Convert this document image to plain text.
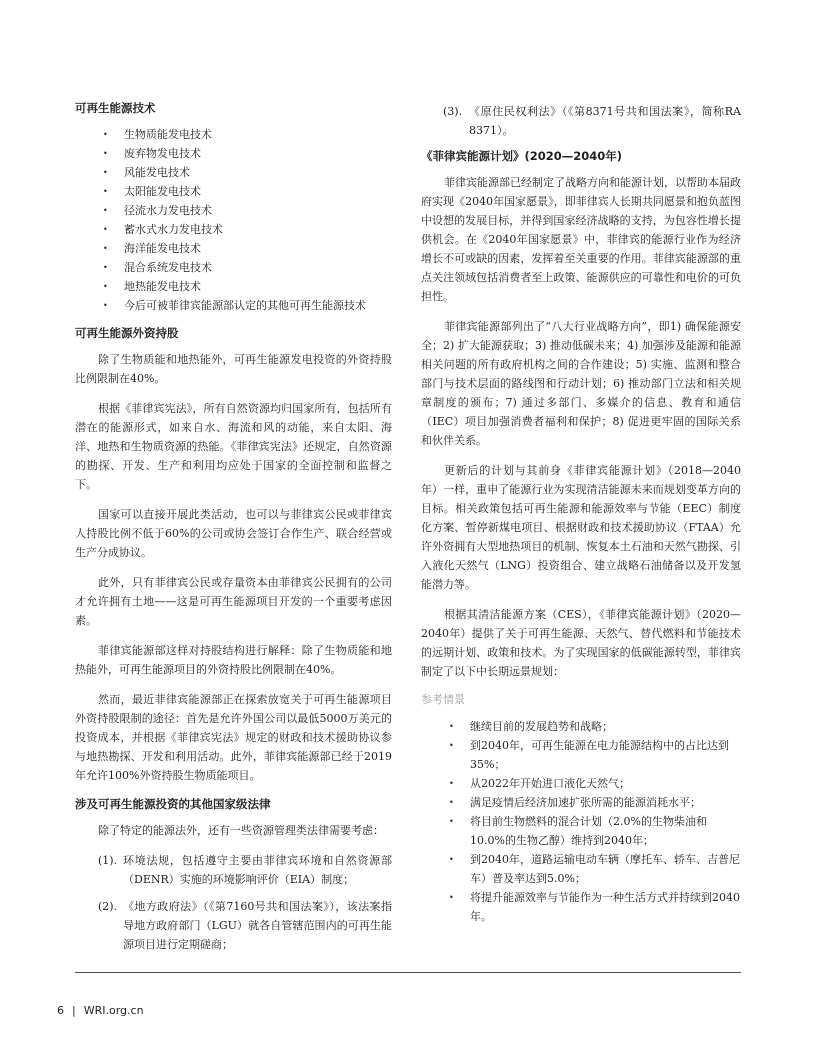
可再生能源技术
• 生物质能发电技术
• 废弃物发电技术
• 风能发电技术
• 太阳能发电技术
• 径流水力发电技术
• 蓄水式水力发电技术
• 海洋能发电技术
• 混合系统发电技术
• 地热能发电技术
• 今后可被菲律宾能源部认定的其他可再生能源技术
可再生能源外资持股
除了生物质能和地热能外，可再生能源发电投资的外资持股比例限制在40%。
根据《菲律宾宪法》，所有自然资源均归国家所有，包括所有潜在的能源形式，如来自水、海流和风的动能，来自太阳、海洋、地热和生物质资源的热能。《菲律宾宪法》还规定，自然资源的勘探、开发、生产和利用均应处于国家的全面控制和监督之下。
国家可以直接开展此类活动，也可以与菲律宾公民或菲律宾人持股比例不低于60%的公司或协会签订合作生产、联合经营或生产分成协议。
此外，只有菲律宾公民或存量资本由菲律宾公民拥有的公司才允许拥有土地——这是可再生能源项目开发的一个重要考虑因素。
菲律宾能源部这样对持股结构进行解释：除了生物质能和地热能外，可再生能源项目的外资持股比例限制在40%。
然而，最近菲律宾能源部正在探索放宽关于可再生能源项目外资持股限制的途径：首先是允许外国公司以最低5000万美元的投资成本，并根据《菲律宾宪法》规定的财政和技术援助协议参与地热勘探、开发和利用活动。此外，菲律宾能源部已经于2019年允许100%外资持股生物质能项目。
涉及可再生能源投资的其他国家级法律
除了特定的能源法外，还有一些资源管理类法律需要考虑：
(1). 环境法规，包括遵守主要由菲律宾环境和自然资源部（DENR）实施的环境影响评价（EIA）制度；
(2). 《地方政府法》（《第7160号共和国法案》），该法案指导地方政府部门（LGU）就各自管辖范围内的可再生能源项目进行定期磋商；
(3). 《原住民权利法》（《第8371号共和国法案》，简称RA 8371）。
《菲律宾能源计划》(2020—2040年)
菲律宾能源部已经制定了战略方向和能源计划，以帮助本届政府实现《2040年国家愿景》，即菲律宾人长期共同愿景和抱负蓝图中设想的发展目标，并得到国家经济战略的支持，为包容性增长提供机会。在《2040年国家愿景》中，菲律宾的能源行业作为经济增长不可或缺的因素，发挥着至关重要的作用。菲律宾能源部的重点关注领域包括消费者至上政策、能源供应的可靠性和电价的可负担性。
菲律宾能源部列出了“八大行业战略方向”，即1) 确保能源安全；2) 扩大能源获取；3) 推动低碳未来；4) 加强涉及能源和能源相关问题的所有政府机构之间的合作建设；5) 实施、监测和整合部门与技术层面的路线图和行动计划；6) 推动部门立法和相关规章制度的颁布；7) 通过多部门、多媒介的信息、教育和通信（IEC）项目加强消费者福利和保护；8) 促进更牢固的国际关系和伙伴关系。
更新后的计划与其前身《菲律宾能源计划》（2018—2040年）一样，重申了能源行业为实现清洁能源未来而规划变革方向的目标。相关政策包括可再生能源和能源效率与节能（EEC）制度化方案、暂停新煤电项目、根据财政和技术援助协议（FTAA）允许外资拥有大型地热项目的机制、恢复本土石油和天然气勘探、引入液化天然气（LNG）投资组合、建立战略石油储备以及开发氢能潜力等。
根据其清洁能源方案（CES），《菲律宾能源计划》（2020—2040年）提供了关于可再生能源、天然气、替代燃料和节能技术的远期计划、政策和技术。为了实现国家的低碳能源转型，菲律宾制定了以下中长期远景规划：
参考情景
• 继续目前的发展趋势和战略；
• 到2040年，可再生能源在电力能源结构中的占比达到35%；
• 从2022年开始进口液化天然气；
• 满足疫情后经济加速扩张所需的能源消耗水平；
• 将目前生物燃料的混合计划（2.0%的生物柴油和10.0%的生物乙醇）维持到2040年；
• 到2040年，道路运输电动车辆（摩托车、轿车、吉普尼车）普及率达到5.0%；
• 将提升能源效率与节能作为一种生活方式并持续到2040年。
6 | WRI.org.cn
